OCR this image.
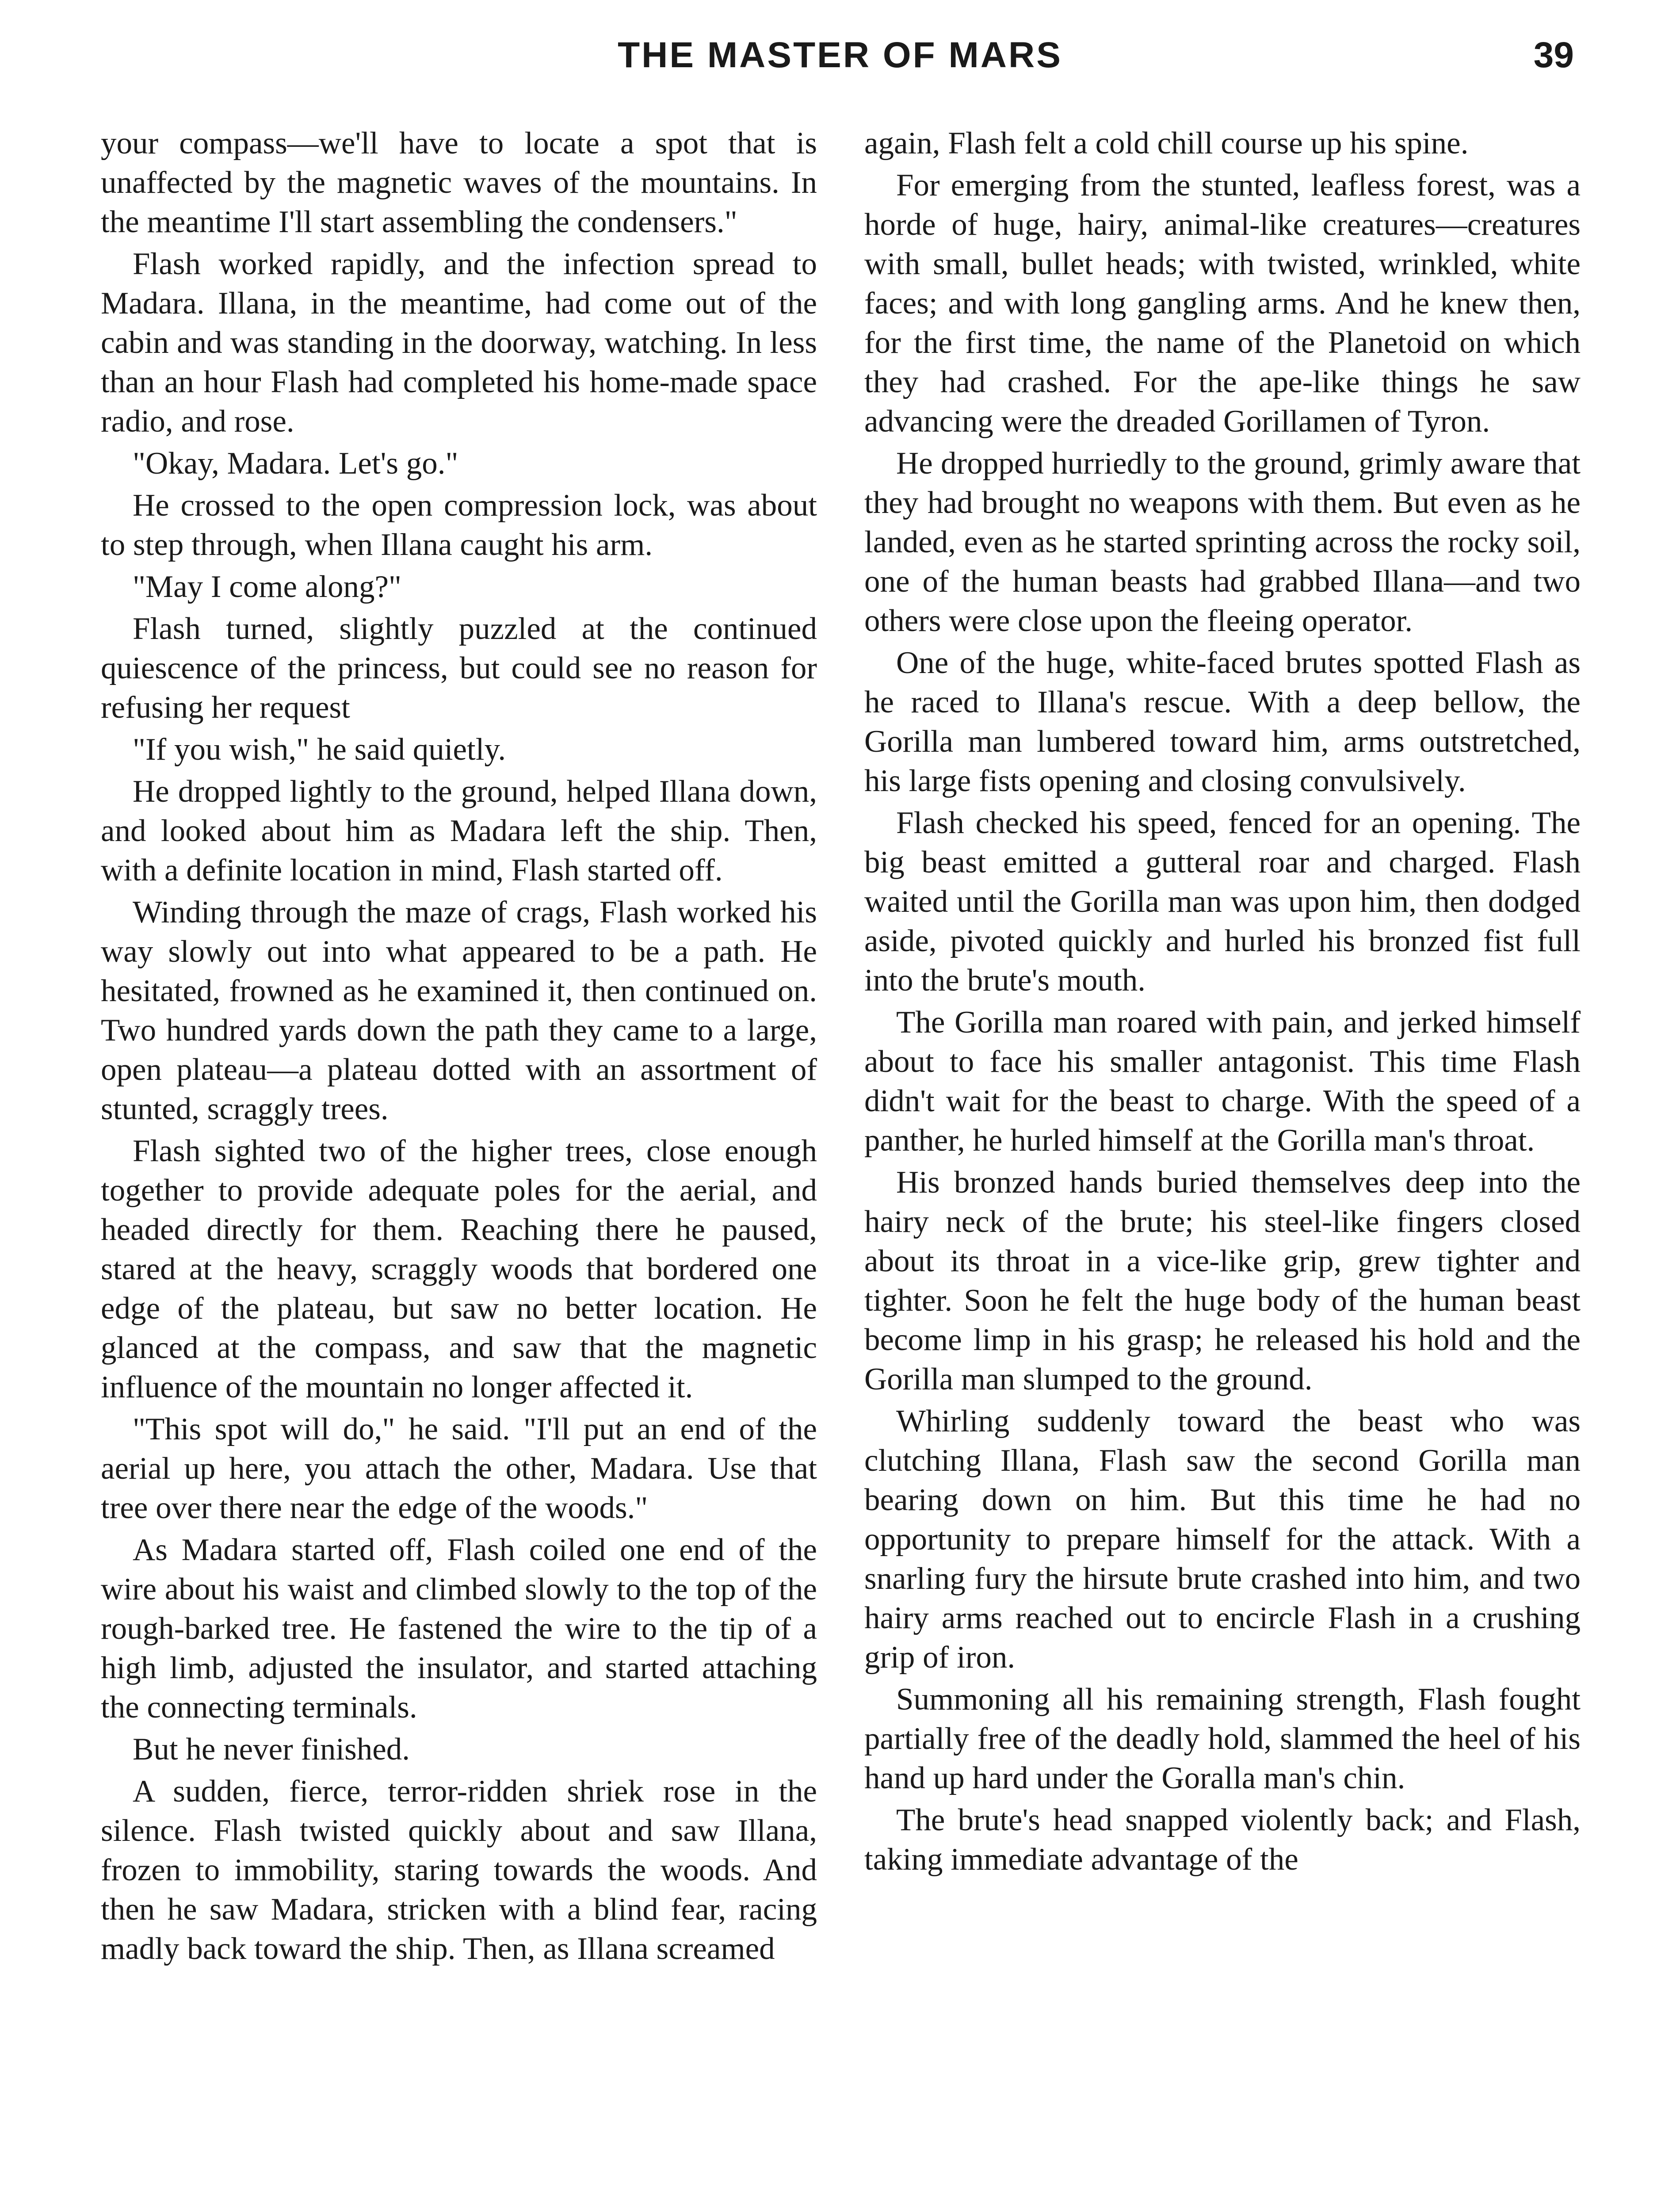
THE MASTER OF MARS	39

your compass—we'll have to locate a spot that is unaffected by the magnetic waves of the mountains. In the meantime I'll start assembling the condensers."

Flash worked rapidly, and the infection spread to Madara. Illana, in the meantime, had come out of the cabin and was standing in the doorway, watching. In less than an hour Flash had completed his home-made space radio, and rose.

"Okay, Madara. Let's go."

He crossed to the open compression lock, was about to step through, when Illana caught his arm.

"May I come along?"

Flash turned, slightly puzzled at the continued quiescence of the princess, but could see no reason for refusing her request

"If you wish," he said quietly.

He dropped lightly to the ground, helped Illana down, and looked about him as Madara left the ship. Then, with a definite location in mind, Flash started off.

Winding through the maze of crags, Flash worked his way slowly out into what appeared to be a path. He hesitated, frowned as he examined it, then continued on. Two hundred yards down the path they came to a large, open plateau—a plateau dotted with an assortment of stunted, scraggly trees.

Flash sighted two of the higher trees, close enough together to provide adequate poles for the aerial, and headed directly for them. Reaching there he paused, stared at the heavy, scraggly woods that bordered one edge of the plateau, but saw no better location. He glanced at the compass, and saw that the magnetic influence of the mountain no longer affected it.

"This spot will do," he said. "I'll put an end of the aerial up here, you attach the other, Madara. Use that tree over there near the edge of the woods."

As Madara started off, Flash coiled one end of the wire about his waist and climbed slowly to the top of the rough-barked tree. He fastened the wire to the tip of a high limb, adjusted the insulator, and started attaching the connecting terminals.

But he never finished.

A sudden, fierce, terror-ridden shriek rose in the silence. Flash twisted quickly about and saw Illana, frozen to immobility, staring towards the woods. And then he saw Madara, stricken with a blind fear, racing madly back toward the ship. Then, as Illana screamed

again, Flash felt a cold chill course up his spine.

For emerging from the stunted, leafless forest, was a horde of huge, hairy, animal-like creatures—creatures with small, bullet heads; with twisted, wrinkled, white faces; and with long gangling arms. And he knew then, for the first time, the name of the Planetoid on which they had crashed. For the ape-like things he saw advancing were the dreaded Gorillamen of Tyron.

He dropped hurriedly to the ground, grimly aware that they had brought no weapons with them. But even as he landed, even as he started sprinting across the rocky soil, one of the human beasts had grabbed Illana—and two others were close upon the fleeing operator.

One of the huge, white-faced brutes spotted Flash as he raced to Illana's rescue. With a deep bellow, the Gorilla man lumbered toward him, arms outstretched, his large fists opening and closing convulsively.

Flash checked his speed, fenced for an opening. The big beast emitted a gutteral roar and charged. Flash waited until the Gorilla man was upon him, then dodged aside, pivoted quickly and hurled his bronzed fist full into the brute's mouth.

The Gorilla man roared with pain, and jerked himself about to face his smaller antagonist. This time Flash didn't wait for the beast to charge. With the speed of a panther, he hurled himself at the Gorilla man's throat.

His bronzed hands buried themselves deep into the hairy neck of the brute; his steel-like fingers closed about its throat in a vice-like grip, grew tighter and tighter. Soon he felt the huge body of the human beast become limp in his grasp; he released his hold and the Gorilla man slumped to the ground.

Whirling suddenly toward the beast who was clutching Illana, Flash saw the second Gorilla man bearing down on him. But this time he had no opportunity to prepare himself for the attack. With a snarling fury the hirsute brute crashed into him, and two hairy arms reached out to encircle Flash in a crushing grip of iron.

Summoning all his remaining strength, Flash fought partially free of the deadly hold, slammed the heel of his hand up hard under the Goralla man's chin.

The brute's head snapped violently back; and Flash, taking immediate advantage of the
